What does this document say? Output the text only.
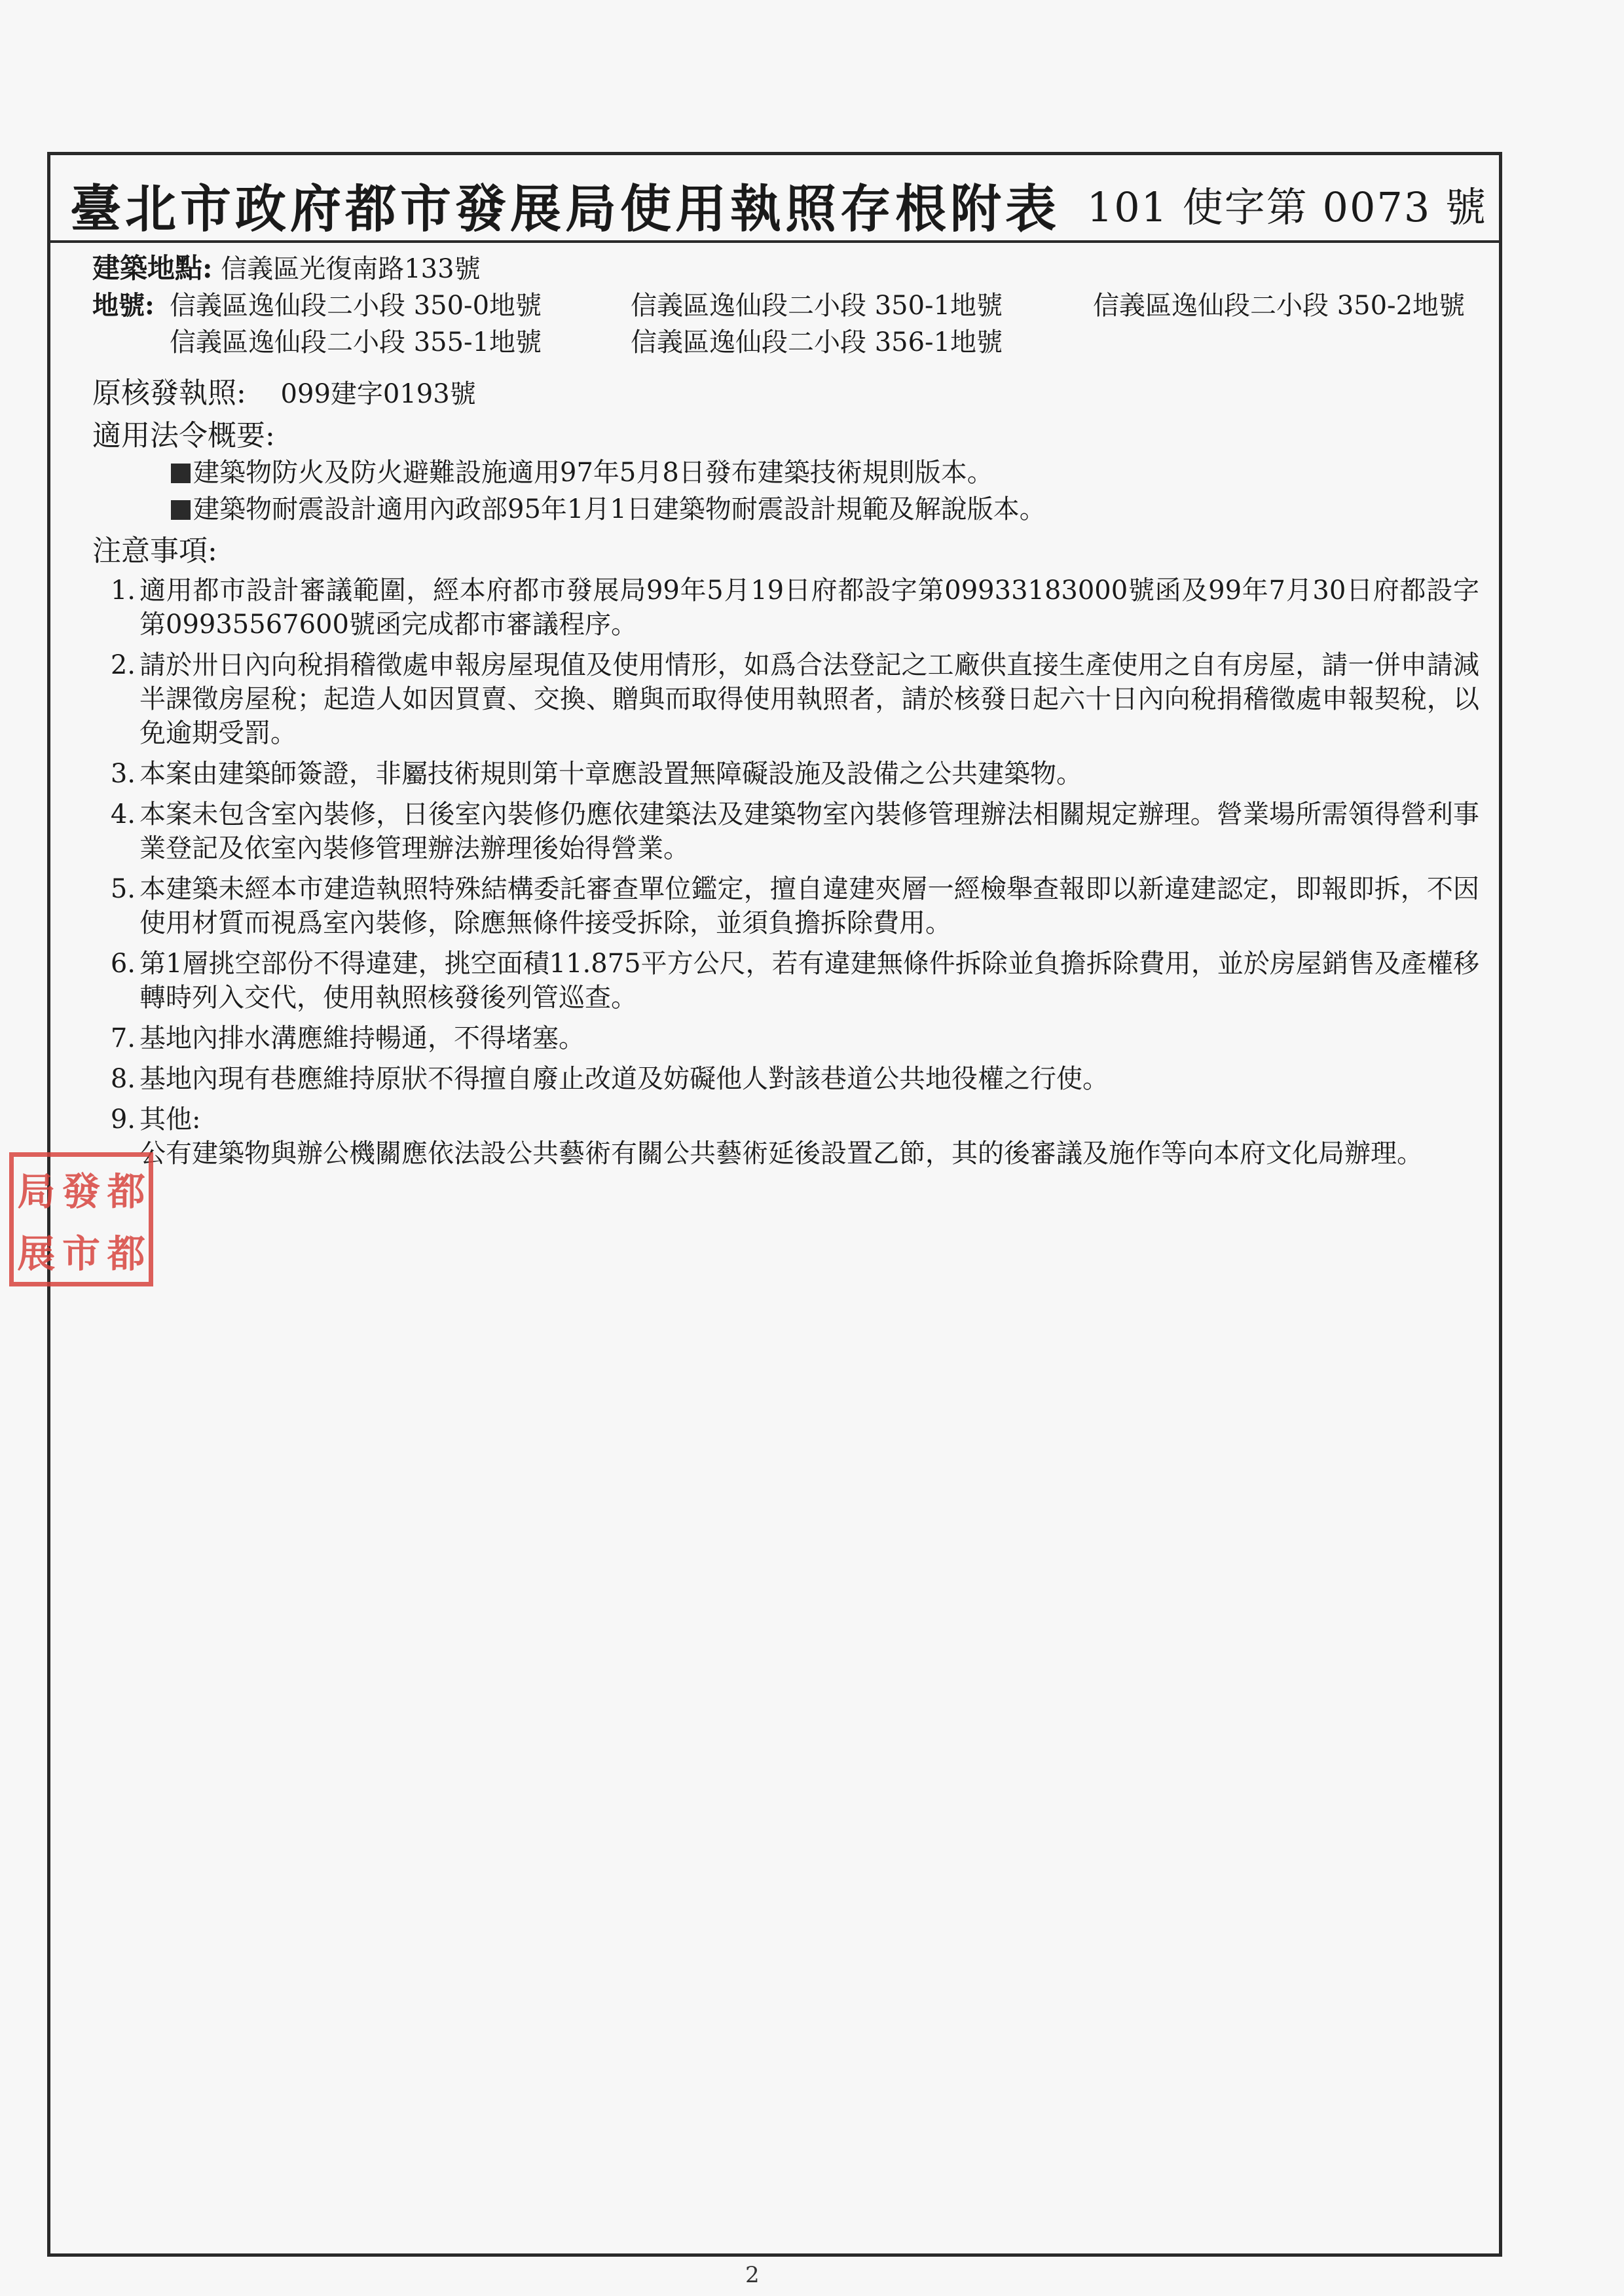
臺北市政府都市發展局使用執照存根附表 101 使字第 0073 號
建築地點: 信義區光復南路133號
地號: 信義區逸仙段二小段 350-0地號	信義區逸仙段二小段 350-1地號	信義區逸仙段二小段 350-2地號
信義區逸仙段二小段 355-1地號	信義區逸仙段二小段 356-1地號
原核發執照: 099建字0193號
適用法令概要:
建築物防火及防火避難設施適用97年5月8日發布建築技術規則版本。
建築物耐震設計適用內政部95年1月1日建築物耐震設計規範及解說版本。
注意事項:
1. 適用都市設計審議範圍，經本府都市發展局99年5月19日府都設字第09933183000號函及99年7月30日府都設字第09935567600號函完成都市審議程序。
2. 請於卅日內向稅捐稽徵處申報房屋現值及使用情形，如爲合法登記之工廠供直接生產使用之自有房屋，請一併申請減半課徵房屋稅；起造人如因買賣、交換、贈與而取得使用執照者，請於核發日起六十日內向稅捐稽徵處申報契稅，以免逾期受罰。
3. 本案由建築師簽證，非屬技術規則第十章應設置無障礙設施及設備之公共建築物。
4. 本案未包含室內裝修，日後室內裝修仍應依建築法及建築物室內裝修管理辦法相關規定辦理。營業場所需領得營利事業登記及依室內裝修管理辦法辦理後始得營業。
5. 本建築未經本市建造執照特殊結構委託審查單位鑑定，擅自違建夾層一經檢舉查報即以新違建認定，即報即拆，不因使用材質而視爲室內裝修，除應無條件接受拆除，並須負擔拆除費用。
6. 第1層挑空部份不得違建，挑空面積11.875平方公尺，若有違建無條件拆除並負擔拆除費用，並於房屋銷售及產權移轉時列入交代，使用執照核發後列管巡查。
7. 基地內排水溝應維持暢通，不得堵塞。
8. 基地內現有巷應維持原狀不得擅自廢止改道及妨礙他人對該巷道公共地役權之行使。
9. 其他:
公有建築物與辦公機關應依法設公共藝術有關公共藝術延後設置乙節，其的後審議及施作等向本府文化局辦理。
局 發 都
展 市 都
2
